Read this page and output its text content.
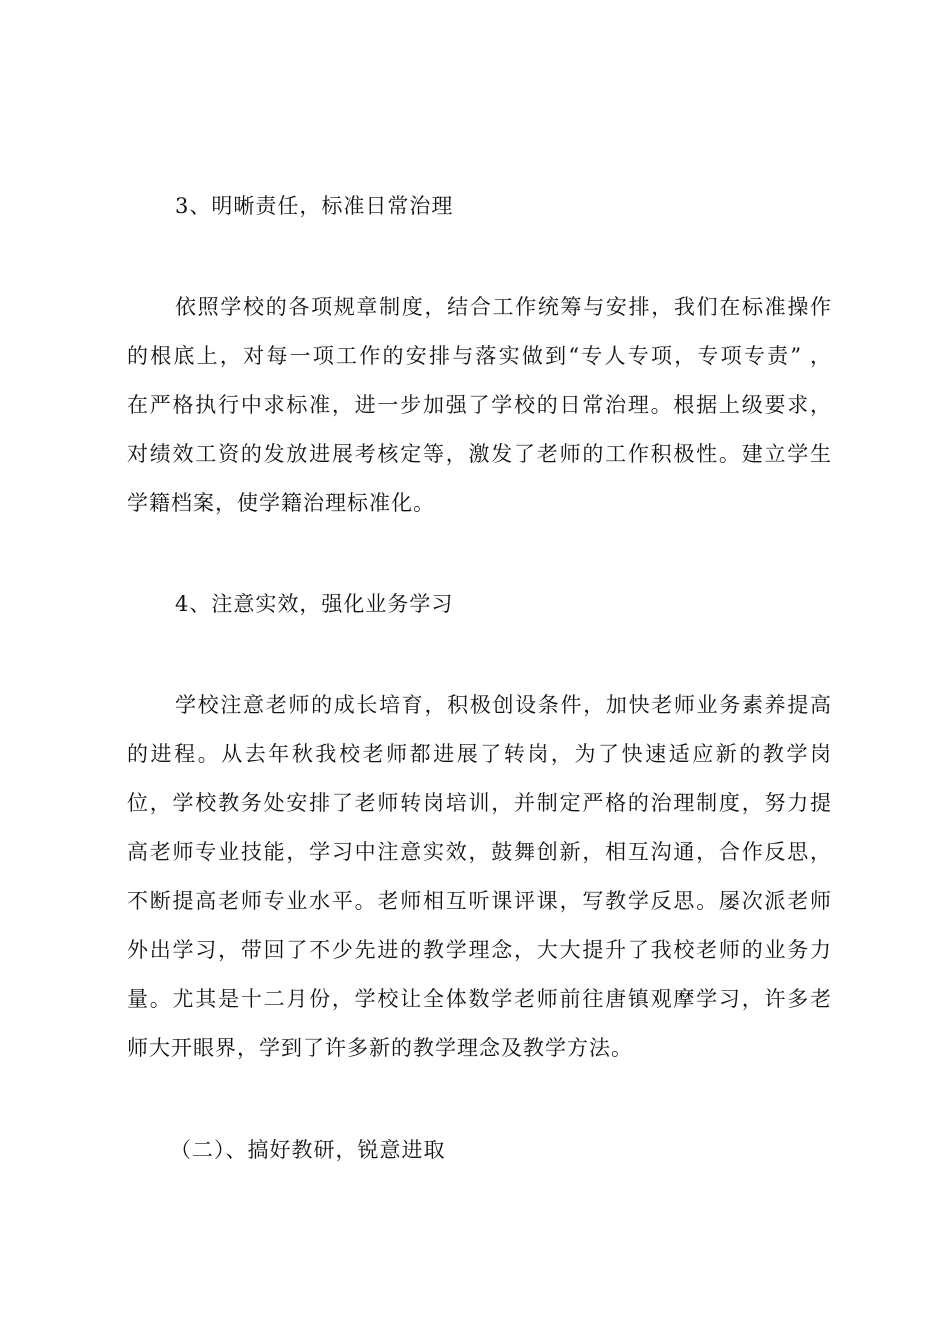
3、明晰责任，标准日常治理
依照学校的各项规章制度，结合工作统筹与安排，我们在标准操作
的根底上，对每一项工作的安排与落实做到“专人专项，专项专责” ，
在严格执行中求标准，进一步加强了学校的日常治理。根据上级要求，
对绩效工资的发放进展考核定等，激发了老师的工作积极性。建立学生
学籍档案，使学籍治理标准化。
4、注意实效，强化业务学习
学校注意老师的成长培育，积极创设条件，加快老师业务素养提高
的进程。从去年秋我校老师都进展了转岗，为了快速适应新的教学岗
位，学校教务处安排了老师转岗培训，并制定严格的治理制度，努力提
高老师专业技能，学习中注意实效，鼓舞创新，相互沟通，合作反思，
不断提高老师专业水平。老师相互听课评课，写教学反思。屡次派老师
外出学习，带回了不少先进的教学理念，大大提升了我校老师的业务力
量。尤其是十二月份，学校让全体数学老师前往唐镇观摩学习，许多老
师大开眼界，学到了许多新的教学理念及教学方法。
（二）、搞好教研，锐意进取
